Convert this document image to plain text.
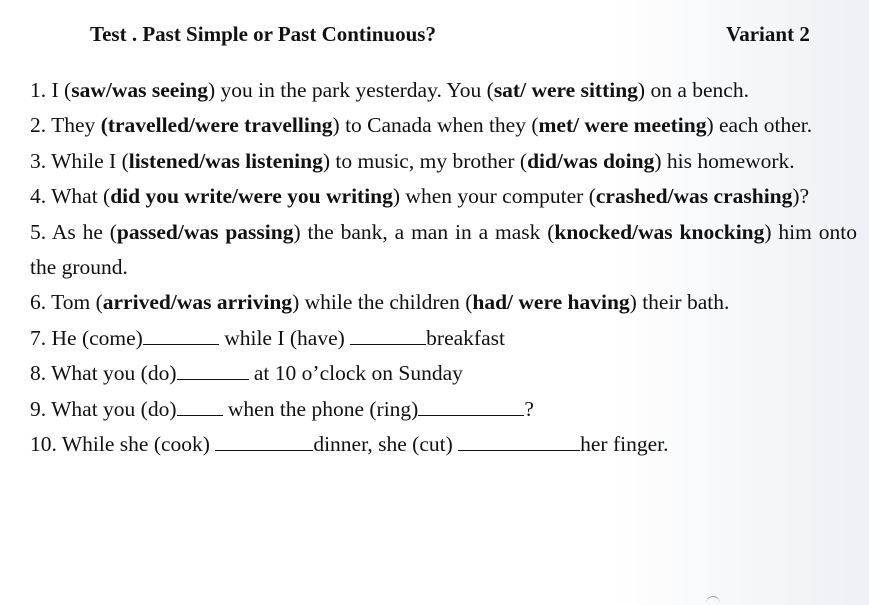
Test . Past Simple or Past Continuous?	Variant 2

1. I (saw/was seeing) you in the park yesterday. You (sat/ were sitting) on a bench.

2. They (travelled/were travelling) to Canada when they (met/ were meeting) each other.

3. While I (listened/was listening) to music, my brother (did/was doing) his homework.

4. What (did you write/were you writing) when your computer (crashed/was crashing)?

5. As he (passed/was passing) the bank, a man in a mask (knocked/was knocking) him onto the ground.

6. Tom (arrived/was arriving) while the children (had/ were having) their bath.

7. He (come)	while I (have)	breakfast

8. What you (do)	at 10 o’clock on Sunday

9. What you (do) when the phone (ring)	?

10. While she (cook)	dinner, she (cut)	her finger.
